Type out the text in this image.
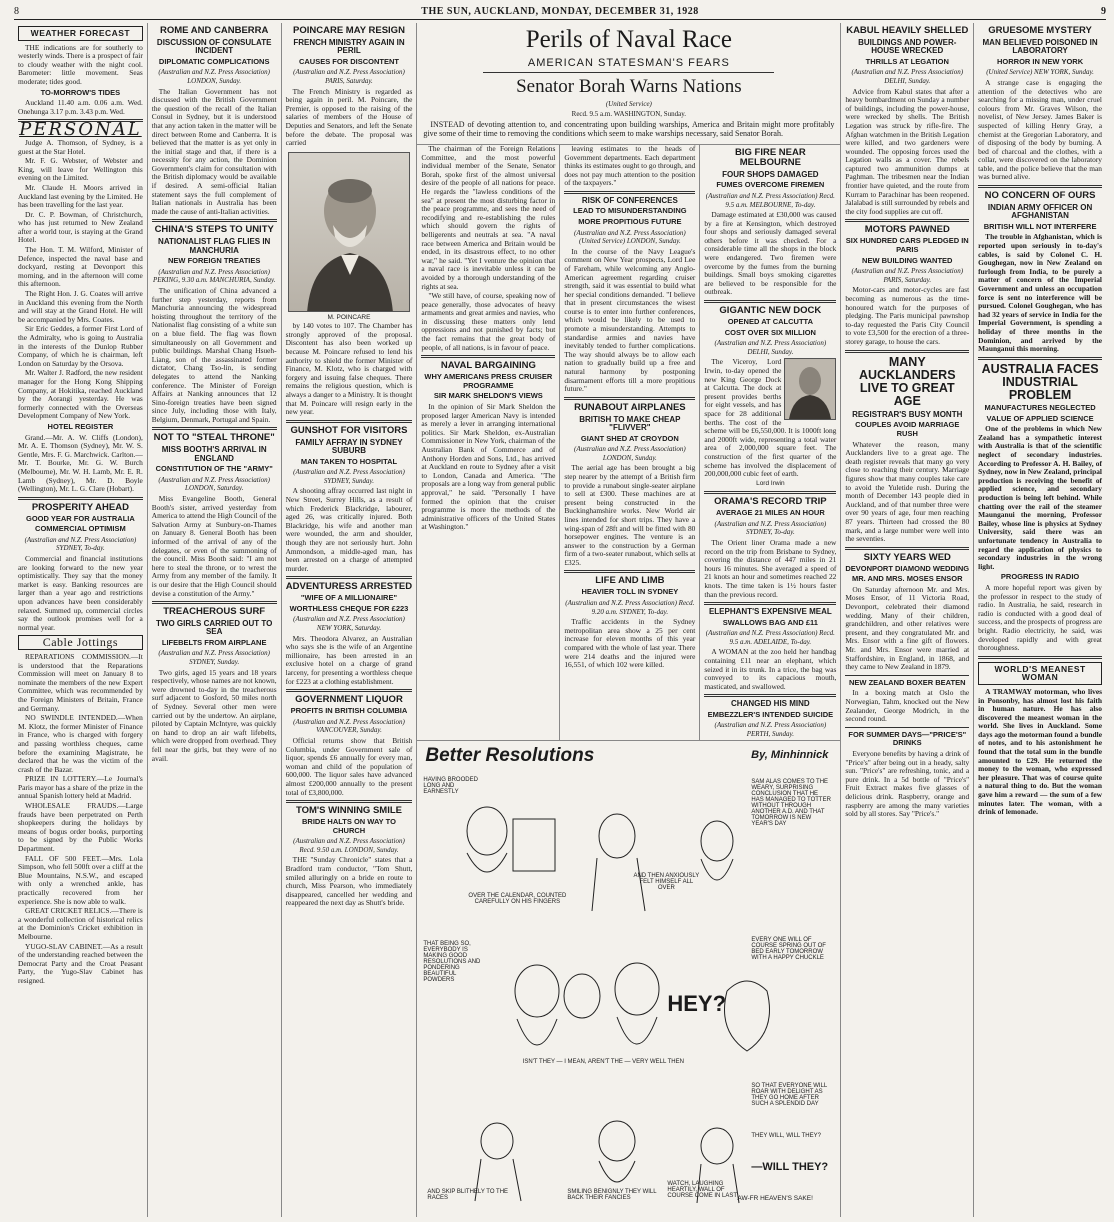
8	THE SUN, AUCKLAND, MONDAY, DECEMBER 31, 1928	9
WEATHER FORECAST

THE indications are for southerly to westerly winds. There is a prospect of fair to cloudy weather with the night cool. Barometer: little movement. Seas moderate; tides good.

TO-MORROW'S TIDES

Auckland 11.40 a.m. 0.06 a.m. Wed. Onehunga 3.17 p.m. 3.43 p.m. Wed.

PERSONAL

Judge A. Thomson, of Sydney, is a guest at the Star Hotel.

Mr. F. G. Webster, of Webster and King, will leave for Wellington this evening on the Limited.

Mr. Claude H. Moors arrived in Auckland last evening by the Limited. He has been travelling for the last year.

Dr. C. P. Bowman, of Christchurch, who has just returned to New Zealand after a world tour, is staying at the Grand Hotel.

The Hon. T. M. Wilford, Minister of Defence, inspected the naval base and dockyard, resting at Devonport this morning, and in the afternoon will come this afternoon.

The Right Hon. J. G. Coates will arrive in Auckland this evening from the North and will stay at the Grand Hotel. He will be accompanied by Mrs. Coates.

Sir Eric Geddes, a former First Lord of the Admiralty, who is going to Australia in the interests of the Dunlop Rubber Company, of which he is chairman, left London on Saturday by the Orsova.

Mr. Walter J. Radford, the new resident manager for the Hong Kong Shipping Company, at Hokitika, reached Auckland by the Aorangi yesterday. He was formerly connected with the Overseas Development Company of New York.

HOTEL REGISTER

Grand.—Mr. A. W. Cliffs (London), Mr. A. E. Thomson (Sydney), Mr. W. S. Gentle, Mrs. F. G. Marchwick. Carlton.—Mr. T. Bourke, Mr. G. W. Burch (Melbourne), Mr. W. H. Lamb, Mr. E. R. Lamb (Sydney), Mr. D. Boyle (Wellington), Mr. L. G. Clare (Hobart).

PROSPERITY AHEAD
GOOD YEAR FOR AUSTRALIA
COMMERCIAL OPTIMISM
(Australian and N.Z. Press Association) SYDNEY, To-day.

Commercial and financial institutions are looking forward to the new year optimistically. They say that the money market is easy. Banking resources are larger than a year ago and restrictions upon advances have been considerably relaxed. Summed up, commercial circles say the outlook promises well for a normal year.

Cable Jottings

REPARATIONS COMMISSION.—It is understood that the Reparations Commission will meet on January 8 to nominate the members of the new Expert Committee, which was recommended by the Foreign Ministers of Britain, France and Germany.

NO SWINDLE INTENDED.—When M. Klotz, the former Minister of Finance in France, who is charged with forgery and passing worthless cheques, came before the examining Magistrate, he declared that he was the victim of the crash of the Bazar.

PRIZE IN LOTTERY.—Le Journal's Paris mayor has a share of the prize in the annual Spanish lottery held at Madrid.

WHOLESALE FRAUDS.—Large frauds have been perpetrated on Perth shopkeepers during the holidays by means of bogus order books, purporting to be signed by the Public Works Department.

FALL OF 500 FEET.—Mrs. Lola Simpson, who fell 500ft over a cliff at the Blue Mountains, N.S.W., and escaped with only a wrenched ankle, has practically recovered from her experience. She is now able to walk.

GREAT CRICKET RELICS.—There is a wonderful collection of historical relics at the Dominion's Cricket exhibition in Melbourne.

YUGO-SLAV CABINET.—As a result of the understanding reached between the Democrat Party and the Croat Peasant Party, the Yugo-Slav Cabinet has resigned.

ROME AND CANBERRA
DISCUSSION OF CONSULATE INCIDENT
DIPLOMATIC COMPLICATIONS
(Australian and N.Z. Press Association) LONDON, Sunday.

The Italian Government has not discussed with the British Government the question of the recall of the Italian Consul in Sydney, but it is understood that any action taken in the matter will be direct between Rome and Canberra. It is believed that the matter is as yet only in the initial stage and that, if there is a necessity for any action, the Dominion Government's claim for consultation with the British diplomacy would be available if desired. A semi-official Italian statement says the full complement of Italian nationals in Australia has been made the cause of anti-Italian activities.

CHINA'S STEPS TO UNITY
NATIONALIST FLAG FLIES IN MANCHURIA
NEW FOREIGN TREATIES
(Australian and N.Z. Press Association) PEKING, 9.30 a.m. MANCHURIA, Sunday.

The unification of China advanced a further step yesterday, reports from Manchuria announcing the widespread hoisting throughout the territory of the Nationalist flag consisting of a white sun on a blue field. The flag was flown simultaneously on all Government and public buildings. Marshal Chang Hsueh-Liang, son of the assassinated former dictator, Chang Tso-lin, is sending delegates to attend the Nanking conference. The Minister of Foreign Affairs at Nanking announces that 12 Sino-foreign treaties have been signed since July, including those with Italy, Belgium, Denmark, Portugal and Spain.

NOT TO "STEAL THRONE"
MISS BOOTH'S ARRIVAL IN ENGLAND
CONSTITUTION OF THE "ARMY"
(Australian and N.Z. Press Association) LONDON, Saturday.

Miss Evangeline Booth, General Booth's sister, arrived yesterday from America to attend the High Council of the Salvation Army at Sunbury-on-Thames on January 8. General Booth has been informed of the arrival of any of the delegates, or even of the summoning of the council. Miss Booth said: "I am not here to steal the throne, or to wrest the Army from any member of the family. It is our desire that the High Council should devise a constitution of the Army."

TREACHEROUS SURF
TWO GIRLS CARRIED OUT TO SEA
LIFEBELTS FROM AIRPLANE
(Australian and N.Z. Press Association) SYDNEY, Sunday.

Two girls, aged 15 years and 18 years respectively, whose names are not known, were drowned to-day in the treacherous surf adjacent to Gosford, 50 miles north of Sydney. Several other men were carried out by the undertow. An airplane, piloted by Captain McIntyre, was quickly on hand to drop an air waft lifebelts, which were dropped from overhead. They fell near the girls, but they were of no avail.

POINCARE MAY RESIGN
FRENCH MINISTRY AGAIN IN PERIL
CAUSES FOR DISCONTENT
(Australian and N.Z. Press Association) PARIS, Saturday.

The French Ministry is regarded as being again in peril. M. Poincare, the Premier, is opposed to the raising of the salaries of members of the House of Deputies and Senators, and left the Senate before the debate. The proposal was carried

M. POINCARE

by 140 votes to 107. The Chamber has strongly approved of the proposal. Discontent has also been worked up because M. Poincare refused to lend his authority to shield the former Minister of Finance, M. Klotz, who is charged with forgery and issuing false cheques. There remains the religious question, which is always a danger to a Ministry. It is thought that M. Poincare will resign early in the new year.

GUNSHOT FOR VISITORS
FAMILY AFFRAY IN SYDNEY SUBURB
MAN TAKEN TO HOSPITAL
(Australian and N.Z. Press Association) SYDNEY, Sunday.

A shooting affray occurred last night in New Street, Surrey Hills, as a result of which Frederick Blackridge, labourer, aged 26, was critically injured. Both Blackridge, his wife and another man were wounded, the arm and shoulder, though they are not seriously hurt. John Ammondson, a middle-aged man, has been arrested on a charge of attempted murder.

ADVENTURESS ARRESTED
"WIFE OF A MILLIONAIRE"
WORTHLESS CHEQUE FOR £223
(Australian and N.Z. Press Association) NEW YORK, Saturday.

Mrs. Theodora Alvarez, an Australian who says she is the wife of an Argentine millionaire, has been arrested in an exclusive hotel on a charge of grand larceny, for presenting a worthless cheque for £223 at a clothing establishment.

GOVERNMENT LIQUOR
PROFITS IN BRITISH COLUMBIA
(Australian and N.Z. Press Association) VANCOUVER, Sunday.

Official returns show that British Columbia, under Government sale of liquor, spends £6 annually for every man, woman and child of the population of 600,000. The liquor sales have advanced almost £200,000 annually to the present total of £3,800,000.

TOM'S WINNING SMILE
BRIDE HALTS ON WAY TO CHURCH
(Australian and N.Z. Press Association) Recd. 9.50 a.m. LONDON, Sunday.

THE "Sunday Chronicle" states that a Bradford tram conductor, "Tom Shutt, smiled alluringly on a bride en route to church, Miss Pearson, who immediately disappeared, cancelled her wedding and reappeared the next day as Shutt's bride.

Perils of Naval Race
AMERICAN STATESMAN'S FEARS
Senator Borah Warns Nations
(United Service)
Recd. 9.5 a.m. WASHINGTON, Sunday.

INSTEAD of devoting attention to, and concentrating upon building warships, America and Britain might more profitably give some of their time to removing the conditions which seem to make warships necessary, said Senator Borah.

The chairman of the Foreign Relations Committee, and the most powerful individual member of the Senate, Senator Borah, spoke first of the almost universal desire of the people of all nations for peace. He regards the "lawless conditions of the sea" at present the most disturbing factor in the peace programme, and sees the need of recodifying and re-establishing the rules which should govern the rights of belligerents and neutrals at sea. "A naval race between America and Britain would be ended, in its disastrous effect, to no other war," he said. "Yet I venture the opinion that a naval race is inevitable unless it can be avoided by a thorough understanding of the rights at sea.

"We still have, of course, speaking now of peace generally, those advocates of heavy armaments and great armies and navies, who in discussing these matters only lend oppressions and not punished by facts; but the fact remains that the great body of people, of all nations, is in favour of peace.

NAVAL BARGAINING
WHY AMERICANS PRESS CRUISER PROGRAMME
SIR MARK SHELDON'S VIEWS

In the opinion of Sir Mark Sheldon the proposed larger American Navy is intended as merely a lever in arranging international politics. Sir Mark Sheldon, ex-Australian Commissioner in New York, chairman of the Australian Bank of Commerce and of Anthony Horden and Sons, Ltd., has arrived at Auckland en route to Sydney after a visit to London, Canada and America. "The proposals are a long way from general public approval," he said. "Personally I have formed the opinion that the cruiser programme is more the methods of the administrative officers of the United States at Washington."

leaving estimates to the heads of Government departments. Each department thinks its estimates ought to go through, and does not pay much attention to the position of the taxpayers."

RISK OF CONFERENCES
LEAD TO MISUNDERSTANDING
MORE PROPITIOUS FUTURE
(Australian and N.Z. Press Association) (United Service) LONDON, Sunday.

In the course of the Navy League's comment on New Year prospects, Lord Lee of Fareham, while welcoming any Anglo-American agreement regarding cruiser strength, said it was essential to build what her special conditions demanded. "I believe that in present circumstances the wisest course is to enter into further conferences, which would be likely to be used to promote a misunderstanding. Attempts to standardise armies and navies have inevitably tended to further complications. The way should always be to allow each nation to gradually build up a free and natural harmony by postponing disarmament efforts till a more propitious future."

RUNABOUT AIRPLANES
BRITISH TO MAKE CHEAP "FLIVVER"
GIANT SHED AT CROYDON
(Australian and N.Z. Press Association) LONDON, Sunday.

The aerial age has been brought a big step nearer by the attempt of a British firm to provide a runabout single-seater airplane to sell at £300. These machines are at present being constructed in the Buckinghamshire works. New World air lines intended for short trips. They have a wing-span of 28ft and will be fitted with 80 horsepower engines. The venture is an answer to the construction by a German firm of a two-seater runabout, which sells at £325.

LIFE AND LIMB
HEAVIER TOLL IN SYDNEY
(Australian and N.Z. Press Association) Recd. 9.20 a.m. SYDNEY, To-day.

Traffic accidents in the Sydney metropolitan area show a 25 per cent increase for eleven months of this year compared with the whole of last year. There were 214 deaths and the injured were 16,551, of which 102 were killed.

BIG FIRE NEAR MELBOURNE
FOUR SHOPS DAMAGED
FUMES OVERCOME FIREMEN
(Australian and N.Z. Press Association) Recd. 9.5 a.m. MELBOURNE, To-day.

Damage estimated at £30,000 was caused by a fire at Kensington, which destroyed four shops and seriously damaged several others before it was checked. For a considerable time all the shops in the block were endangered. Two firemen were overcome by the fumes from the burning buildings. Small boys smoking cigarettes are believed to be responsible for the outbreak.

GIGANTIC NEW DOCK
OPENED AT CALCUTTA
COST OVER SIX MILLION
(Australian and N.Z. Press Association) DELHI, Sunday.

The Viceroy, Lord Irwin, to-day opened the new King George Dock at Calcutta. The dock at present provides berths for eight vessels, and has space for 28 additional berths. The cost of the scheme will be £6,550,000. It is 1000ft long and 2000ft wide, representing a total water area of 2,000,000 square feet. The construction of the first quarter of the scheme has involved the displacement of 200,000,000 cubic feet of earth.

Lord Irwin
ORAMA'S RECORD TRIP
AVERAGE 21 MILES AN HOUR
(Australian and N.Z. Press Association) SYDNEY, To-day.

The Orient liner Orama made a new record on the trip from Brisbane to Sydney, covering the distance of 447 miles in 21 hours 16 minutes. She averaged a speed of 21 knots an hour and sometimes reached 22 knots. The time taken is 1½ hours faster than the previous record.

ELEPHANT'S EXPENSIVE MEAL
SWALLOWS BAG AND £11
(Australian and N.Z. Press Association) Recd. 9.5 a.m. ADELAIDE, To-day.

A WOMAN at the zoo held her handbag containing £11 near an elephant, which seized it in its trunk. In a trice, the bag was conveyed to its capacious mouth, masticated, and swallowed.

CHANGED HIS MIND
EMBEZZLER'S INTENDED SUICIDE
(Australian and N.Z. Press Association) PERTH, Sunday.

Better Resolutions	By, Minhinnick
HAVING BROODED LONG AND EARNESTLY
OVER THE CALENDAR, COUNTED CAREFULLY ON HIS FINGERS
AND THEN ANXIOUSLY FELT HIMSELF ALL OVER
SAM ALAS COMES TO THE WEARY, SURPRISING CONCLUSION THAT HE HAS MANAGED TO TOTTER WITHOUT THROUGH ANOTHER A.D. AND THAT TOMORROW IS NEW YEAR'S DAY
THAT BEING SO, EVERYBODY IS MAKING GOOD RESOLUTIONS AND PONDERING BEAUTIFUL POWDERS
HEY?
ISN'T THEY — I MEAN, AREN'T THE — VERY WELL THEN
EVERY ONE WILL OF COURSE SPRING OUT OF BED EARLY TOMORROW WITH A HAPPY CHUCKLE
SO THAT EVERYONE WILL ROAR WITH DELIGHT AS THEY GO HOME AFTER SUCH A SPLENDID DAY
THEY WILL, WILL THEY?
AND SKIP BLITHELY TO THE RACES
SMILING BENIGNLY THEY WILL BACK THEIR FANCIES
WATCH, LAUGHING HEARTILY, WALL OF COURSE COME IN LAST
—WILL THEY?
AW-FR HEAVEN'S SAKE!
KABUL HEAVILY SHELLED
BUILDINGS AND POWER-HOUSE WRECKED
THRILLS AT LEGATION
(Australian and N.Z. Press Association) DELHI, Sunday.

Advice from Kabul states that after a heavy bombardment on Sunday a number of buildings, including the power-house, were wrecked by shells. The British Legation was struck by rifle-fire. The Afghan watchmen in the British Legation were killed, and two gardeners were wounded. The opposing forces used the Legation walls as a cover. The rebels captured two ammunition dumps at Paghman. The tribesmen near the Indian frontier have quieted, and the route from Kurram to Parachinar has been reopened. Jalalabad is still surrounded by rebels and the city food supplies are cut off.

MOTORS PAWNED
SIX HUNDRED CARS PLEDGED IN PARIS
NEW BUILDING WANTED
(Australian and N.Z. Press Association) PARIS, Saturday.

Motor-cars and motor-cycles are fast becoming as numerous as the time-honoured watch for the purposes of pledging. The Paris municipal pawnshop to-day requested the Paris City Council to vote £3,500 for the erection of a three-storey garage, to house the cars.

MANY AUCKLANDERS LIVE TO GREAT AGE
REGISTRAR'S BUSY MONTH
COUPLES AVOID MARRIAGE RUSH

Whatever the reason, many Aucklanders live to a great age. The death register reveals that many go very close to reaching their century. Marriage figures show that many couples take care to avoid the Yuletide rush. During the month of December 143 people died in Auckland, and of that number three were over 90 years of age, four men reaching 87 years. Thirteen had crossed the 80 mark, and a large number were well into the seventies.

SIXTY YEARS WED
DEVONPORT DIAMOND WEDDING
MR. AND MRS. MOSES ENSOR

On Saturday afternoon Mr. and Mrs. Moses Ensor, of 11 Victoria Road, Devonport, celebrated their diamond wedding. Many of their children, grandchildren, and other relatives were present, and they congratulated Mr. and Mrs. Ensor with a fine gift of flowers. Mr. and Mrs. Ensor were married at Staffordshire, in England, in 1868, and they came to New Zealand in 1879.

NEW ZEALAND BOXER BEATEN

In a boxing match at Oslo the Norwegian, Tahm, knocked out the New Zealander, George Modrich, in the second round.

FOR SUMMER DAYS—"PRICE'S" DRINKS

Everyone benefits by having a drink of "Price's" after being out in a heady, salty sun. "Price's" are refreshing, tonic, and a pure drink. In a 5d bottle of "Price's" Fruit Extract makes five glasses of delicious drink. Raspberry, orange and raspberry are among the many varieties sold by all stores. Say "Price's."

GRUESOME MYSTERY
MAN BELIEVED POISONED IN LABORATORY
HORROR IN NEW YORK
(United Service) NEW YORK, Sunday.

A strange case is engaging the attention of the detectives who are searching for a missing man, under cruel colours from Mr. Graves Wilson, the novelist, of New Jersey. James Baker is suspected of killing Henry Gray, a chemist at the Gregorian Laboratory, and of disposing of the body by burning. A bed of charcoal and the clothes, with a collar, were discovered on the laboratory table, and the police believe that the man was burned alive.

NO CONCERN OF OURS
INDIAN ARMY OFFICER ON AFGHANISTAN
BRITISH WILL NOT INTERFERE

The trouble in Afghanistan, which is reported upon seriously in to-day's cables, is said by Colonel C. H. Goughegan, now in New Zealand on furlough from India, to be purely a matter of concern of the Imperial Government and unless an occupation force is sent no interference will be pursued. Colonel Goughegan, who has had 32 years of service in India for the Imperial Government, is spending a holiday of three months in the Dominion, and arrived by the Maunganui this morning.

AUSTRALIA FACES INDUSTRIAL PROBLEM
MANUFACTURES NEGLECTED
VALUE OF APPLIED SCIENCE

One of the problems in which New Zealand has a sympathetic interest with Australia is that of the scientific neglect of secondary industries. According to Professor A. H. Bailey, of Sydney, now in New Zealand, principal production is receiving the benefit of applied science, and secondary production is being left behind. While chatting over the rail of the steamer Maunganui the morning, Professor Bailey, whose line is physics at Sydney University, said there was an unfortunate tendency in Australia to regard the application of physics to secondary industries in the wrong light.

PROGRESS IN RADIO

A more hopeful report was given by the professor in respect to the study of radio. In Australia, he said, research in radio is conducted with a good deal of success, and the prospects of progress are bright. Radio electricity, he said, was developed rapidly and with great thoroughness.

WORLD'S MEANEST WOMAN

A TRAMWAY motorman, who lives in Ponsonby, has almost lost his faith in human nature. He has also discovered the meanest woman in the world. She lives in Auckland. Some days ago the motorman found a bundle of notes, and to his astonishment he found that the total sum in the bundle amounted to £29. He returned the money to the woman, who expressed her pleasure. That was of course quite a natural thing to do. But the woman gave him a reward — the sum of a few minutes later. The woman, with a drink of lemonade.
